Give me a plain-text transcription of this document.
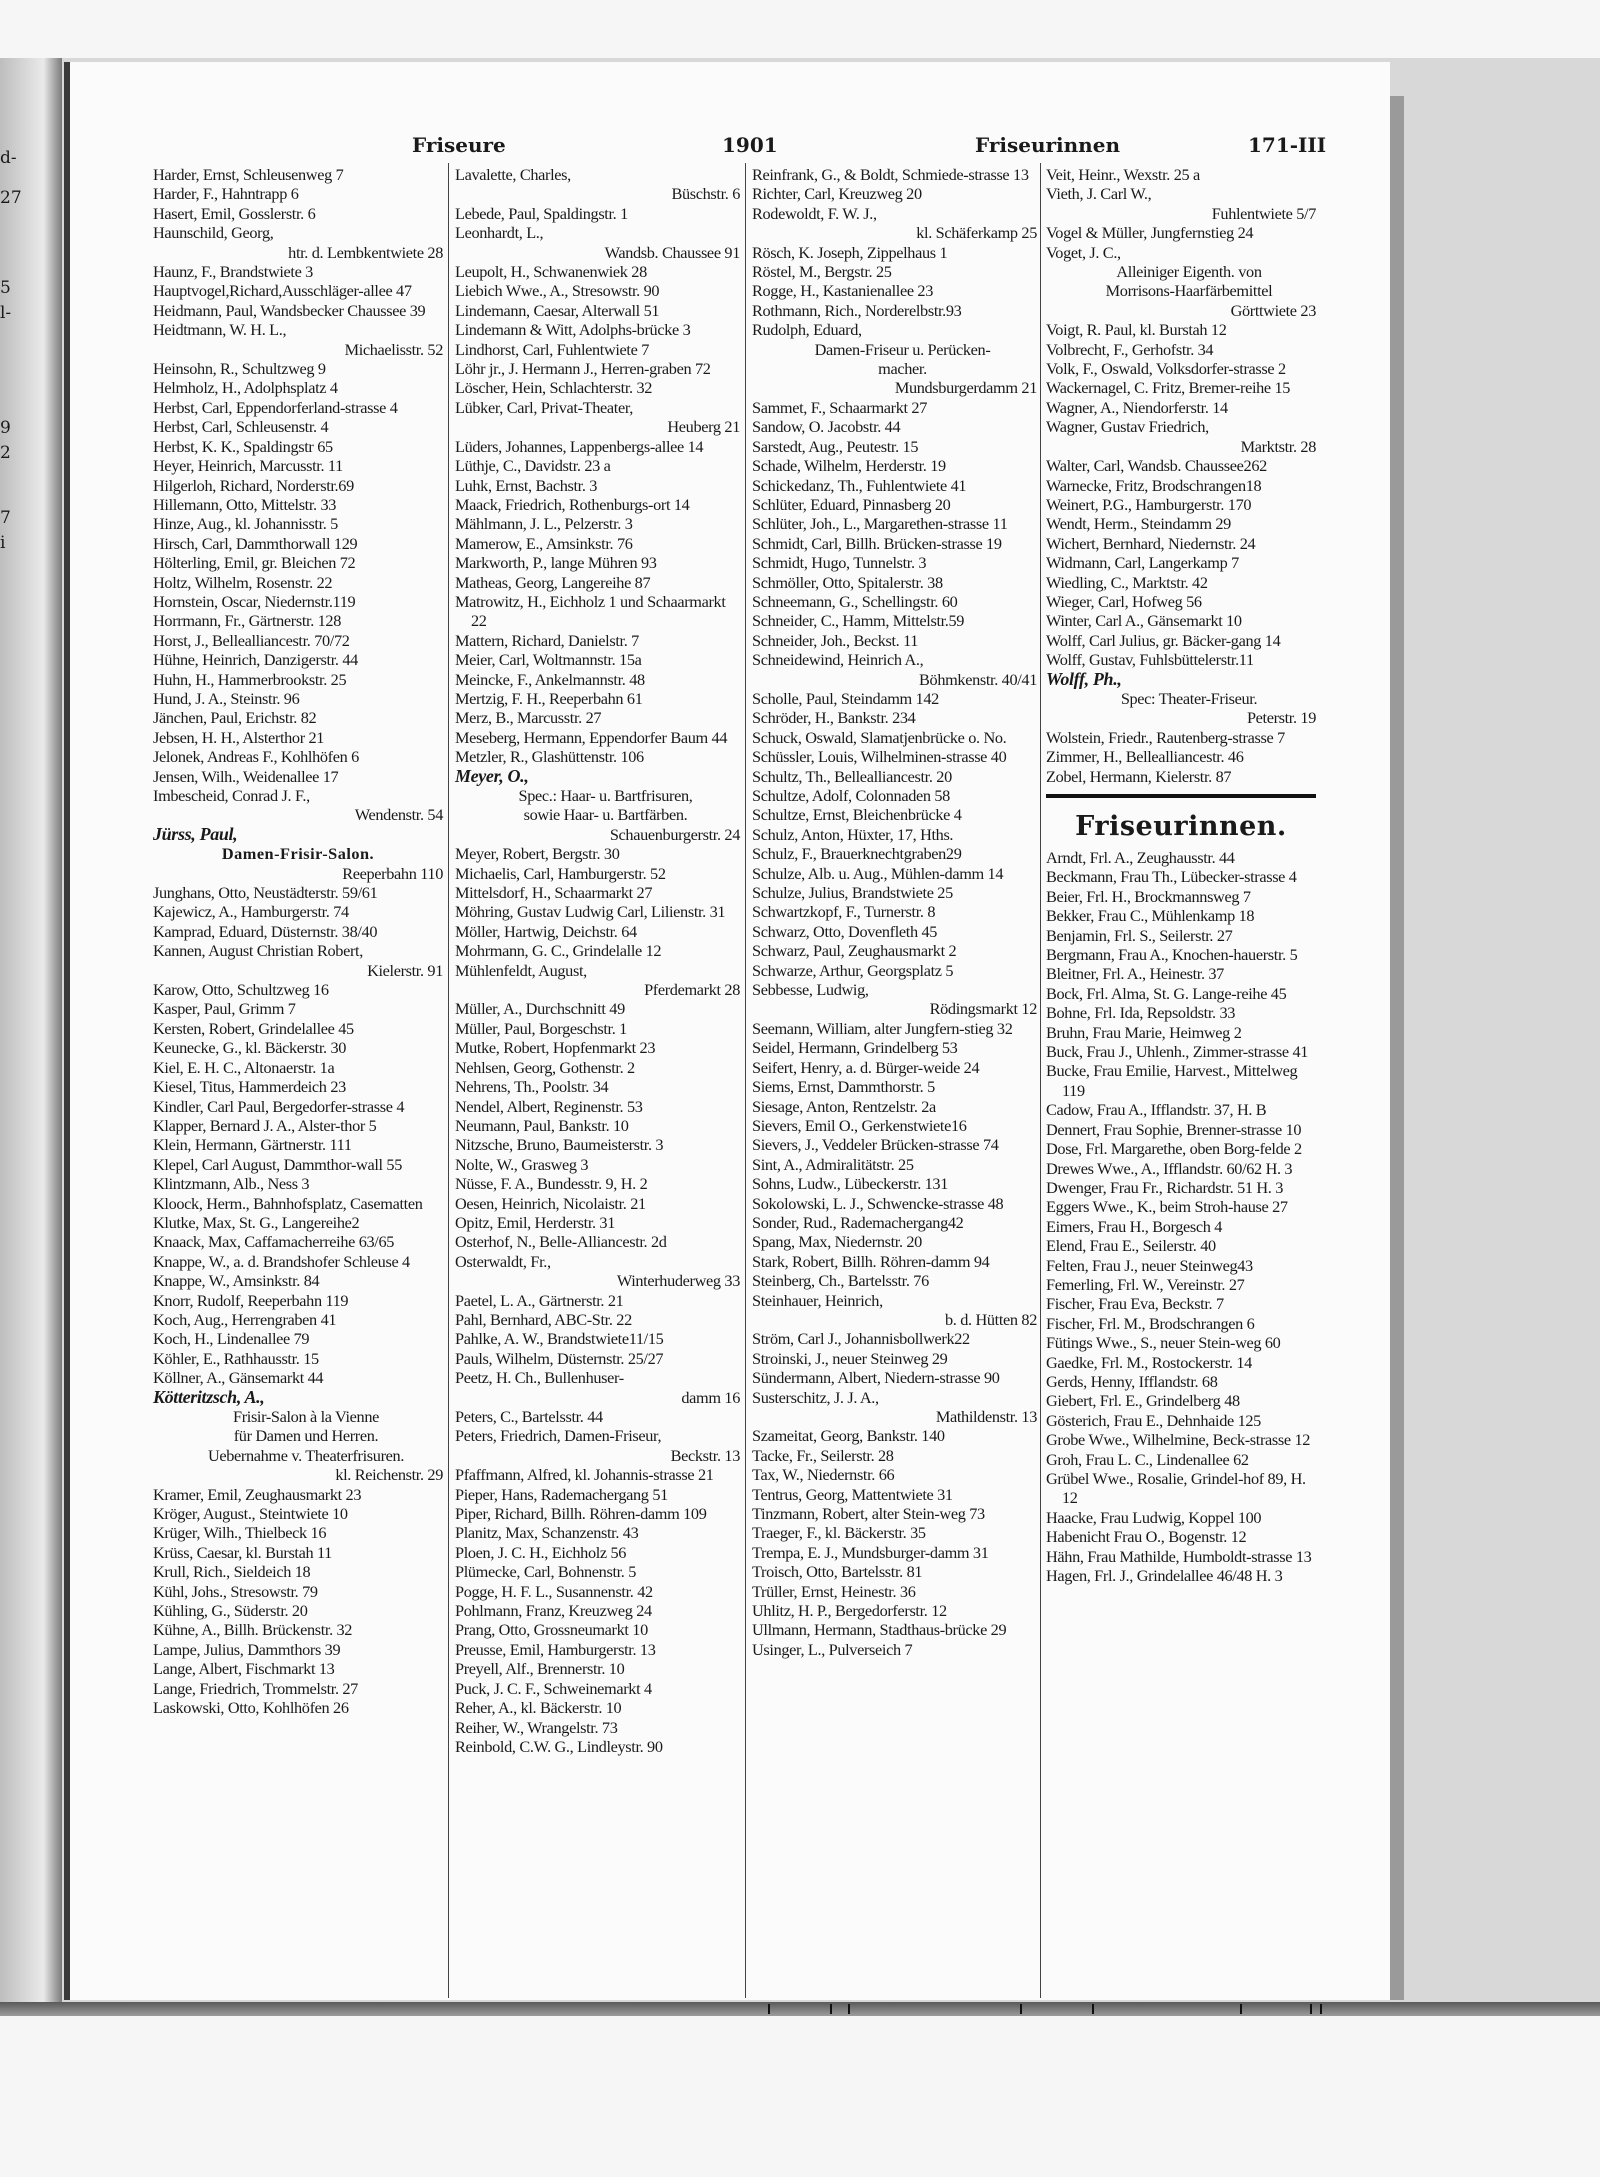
d-
27
5
l-
9
2
7
i
Friseure	1901	Friseurinnen	171-III
Harder, Ernst, Schleusenweg 7
Harder, F., Hahntrapp 6
Hasert, Emil, Gosslerstr. 6
Haunschild, Georg,
htr. d. Lembkentwiete 28
Haunz, F., Brandstwiete 3
Hauptvogel,Richard,Ausschläger-allee 47
Heidmann, Paul, Wandsbecker Chaussee 39
Heidtmann, W. H. L.,
Michaelisstr. 52
Heinsohn, R., Schultzweg 9
Helmholz, H., Adolphsplatz 4
Herbst, Carl, Eppendorferland-strasse 4
Herbst, Carl, Schleusenstr. 4
Herbst, K. K., Spaldingstr 65
Heyer, Heinrich, Marcusstr. 11
Hilgerloh, Richard, Norderstr.69
Hillemann, Otto, Mittelstr. 33
Hinze, Aug., kl. Johannisstr. 5
Hirsch, Carl, Dammthorwall 129
Hölterling, Emil, gr. Bleichen 72
Holtz, Wilhelm, Rosenstr. 22
Hornstein, Oscar, Niedernstr.119
Horrmann, Fr., Gärtnerstr. 128
Horst, J., Bellealliancestr. 70/72
Hühne, Heinrich, Danzigerstr. 44
Huhn, H., Hammerbrookstr. 25
Hund, J. A., Steinstr. 96
Jänchen, Paul, Erichstr. 82
Jebsen, H. H., Alsterthor 21
Jelonek, Andreas F., Kohlhöfen 6
Jensen, Wilh., Weidenallee 17
Imbescheid, Conrad J. F.,
Wendenstr. 54
Jürss, Paul,
Damen-Frisir-Salon.
Reeperbahn 110
Junghans, Otto, Neustädterstr. 59/61
Kajewicz, A., Hamburgerstr. 74
Kamprad, Eduard, Düsternstr. 38/40
Kannen, August Christian Robert,
Kielerstr. 91
Karow, Otto, Schultzweg 16
Kasper, Paul, Grimm 7
Kersten, Robert, Grindelallee 45
Keunecke, G., kl. Bäckerstr. 30
Kiel, E. H. C., Altonaerstr. 1a
Kiesel, Titus, Hammerdeich 23
Kindler, Carl Paul, Bergedorfer-strasse 4
Klapper, Bernard J. A., Alster-thor 5
Klein, Hermann, Gärtnerstr. 111
Klepel, Carl August, Dammthor-wall 55
Klintzmann, Alb., Ness 3
Kloock, Herm., Bahnhofsplatz, Casematten
Klutke, Max, St. G., Langereihe2
Knaack, Max, Caffamacherreihe 63/65
Knappe, W., a. d. Brandshofer Schleuse 4
Knappe, W., Amsinkstr. 84
Knorr, Rudolf, Reeperbahn 119
Koch, Aug., Herrengraben 41
Koch, H., Lindenallee 79
Köhler, E., Rathhausstr. 15
Köllner, A., Gänsemarkt 44
Kötteritzsch, A.,
Frisir-Salon à la Vienne
für Damen und Herren.
Uebernahme v. Theaterfrisuren.
kl. Reichenstr. 29
Kramer, Emil, Zeughausmarkt 23
Kröger, August., Steintwiete 10
Krüger, Wilh., Thielbeck 16
Krüss, Caesar, kl. Burstah 11
Krull, Rich., Sieldeich 18
Kühl, Johs., Stresowstr. 79
Kühling, G., Süderstr. 20
Kühne, A., Billh. Brückenstr. 32
Lampe, Julius, Dammthors 39
Lange, Albert, Fischmarkt 13
Lange, Friedrich, Trommelstr. 27
Laskowski, Otto, Kohlhöfen 26
Lavalette, Charles,
Büschstr. 6
Lebede, Paul, Spaldingstr. 1
Leonhardt, L.,
Wandsb. Chaussee 91
Leupolt, H., Schwanenwiek 28
Liebich Wwe., A., Stresowstr. 90
Lindemann, Caesar, Alterwall 51
Lindemann & Witt, Adolphs-brücke 3
Lindhorst, Carl, Fuhlentwiete 7
Löhr jr., J. Hermann J., Herren-graben 72
Löscher, Hein, Schlachterstr. 32
Lübker, Carl, Privat-Theater,
Heuberg 21
Lüders, Johannes, Lappenbergs-allee 14
Lüthje, C., Davidstr. 23 a
Luhk, Ernst, Bachstr. 3
Maack, Friedrich, Rothenburgs-ort 14
Mählmann, J. L., Pelzerstr. 3
Mamerow, E., Amsinkstr. 76
Markworth, P., lange Mühren 93
Matheas, Georg, Langereihe 87
Matrowitz, H., Eichholz 1 und Schaarmarkt 22
Mattern, Richard, Danielstr. 7
Meier, Carl, Woltmannstr. 15a
Meincke, F., Ankelmannstr. 48
Mertzig, F. H., Reeperbahn 61
Merz, B., Marcusstr. 27
Meseberg, Hermann, Eppendorfer Baum 44
Metzler, R., Glashüttenstr. 106
Meyer, O.,
Spec.: Haar- u. Bartfrisuren,
sowie Haar- u. Bartfärben.
Schauenburgerstr. 24
Meyer, Robert, Bergstr. 30
Michaelis, Carl, Hamburgerstr. 52
Mittelsdorf, H., Schaarmarkt 27
Möhring, Gustav Ludwig Carl, Lilienstr. 31
Möller, Hartwig, Deichstr. 64
Mohrmann, G. C., Grindelalle 12
Mühlenfeldt, August,
Pferdemarkt 28
Müller, A., Durchschnitt 49
Müller, Paul, Borgeschstr. 1
Mutke, Robert, Hopfenmarkt 23
Nehlsen, Georg, Gothenstr. 2
Nehrens, Th., Poolstr. 34
Nendel, Albert, Reginenstr. 53
Neumann, Paul, Bankstr. 10
Nitzsche, Bruno, Baumeisterstr. 3
Nolte, W., Grasweg 3
Nüsse, F. A., Bundesstr. 9, H. 2
Oesen, Heinrich, Nicolaistr. 21
Opitz, Emil, Herderstr. 31
Osterhof, N., Belle-Alliancestr. 2d
Osterwaldt, Fr.,
Winterhuderweg 33
Paetel, L. A., Gärtnerstr. 21
Pahl, Bernhard, ABC-Str. 22
Pahlke, A. W., Brandstwiete11/15
Pauls, Wilhelm, Düsternstr. 25/27
Peetz, H. Ch., Bullenhuser-
damm 16
Peters, C., Bartelsstr. 44
Peters, Friedrich, Damen-Friseur,
Beckstr. 13
Pfaffmann, Alfred, kl. Johannis-strasse 21
Pieper, Hans, Rademachergang 51
Piper, Richard, Billh. Röhren-damm 109
Planitz, Max, Schanzenstr. 43
Ploen, J. C. H., Eichholz 56
Plümecke, Carl, Bohnenstr. 5
Pogge, H. F. L., Susannenstr. 42
Pohlmann, Franz, Kreuzweg 24
Prang, Otto, Grossneumarkt 10
Preusse, Emil, Hamburgerstr. 13
Preyell, Alf., Brennerstr. 10
Puck, J. C. F., Schweinemarkt 4
Reher, A., kl. Bäckerstr. 10
Reiher, W., Wrangelstr. 73
Reinbold, C.W. G., Lindleystr. 90
Reinfrank, G., & Boldt, Schmiede-strasse 13
Richter, Carl, Kreuzweg 20
Rodewoldt, F. W. J.,
kl. Schäferkamp 25
Rösch, K. Joseph, Zippelhaus 1
Röstel, M., Bergstr. 25
Rogge, H., Kastanienallee 23
Rothmann, Rich., Norderelbstr.93
Rudolph, Eduard,
Damen-Friseur u. Perücken-
macher.
Mundsburgerdamm 21
Sammet, F., Schaarmarkt 27
Sandow, O. Jacobstr. 44
Sarstedt, Aug., Peutestr. 15
Schade, Wilhelm, Herderstr. 19
Schickedanz, Th., Fuhlentwiete 41
Schlüter, Eduard, Pinnasberg 20
Schlüter, Joh., L., Margarethen-strasse 11
Schmidt, Carl, Billh. Brücken-strasse 19
Schmidt, Hugo, Tunnelstr. 3
Schmöller, Otto, Spitalerstr. 38
Schneemann, G., Schellingstr. 60
Schneider, C., Hamm, Mittelstr.59
Schneider, Joh., Beckst. 11
Schneidewind, Heinrich A.,
Böhmkenstr. 40/41
Scholle, Paul, Steindamm 142
Schröder, H., Bankstr. 234
Schuck, Oswald, Slamatjenbrücke o. No.
Schüssler, Louis, Wilhelminen-strasse 40
Schultz, Th., Bellealliancestr. 20
Schultze, Adolf, Colonnaden 58
Schultze, Ernst, Bleichenbrücke 4
Schulz, Anton, Hüxter, 17, Hths.
Schulz, F., Brauerknechtgraben29
Schulze, Alb. u. Aug., Mühlen-damm 14
Schulze, Julius, Brandstwiete 25
Schwartzkopf, F., Turnerstr. 8
Schwarz, Otto, Dovenfleth 45
Schwarz, Paul, Zeughausmarkt 2
Schwarze, Arthur, Georgsplatz 5
Sebbesse, Ludwig,
Rödingsmarkt 12
Seemann, William, alter Jungfern-stieg 32
Seidel, Hermann, Grindelberg 53
Seifert, Henry, a. d. Bürger-weide 24
Siems, Ernst, Dammthorstr. 5
Siesage, Anton, Rentzelstr. 2a
Sievers, Emil O., Gerkenstwiete16
Sievers, J., Veddeler Brücken-strasse 74
Sint, A., Admiralitätstr. 25
Sohns, Ludw., Lübeckerstr. 131
Sokolowski, L. J., Schwencke-strasse 48
Sonder, Rud., Rademachergang42
Spang, Max, Niedernstr. 20
Stark, Robert, Billh. Röhren-damm 94
Steinberg, Ch., Bartelsstr. 76
Steinhauer, Heinrich,
b. d. Hütten 82
Ström, Carl J., Johannisbollwerk22
Stroinski, J., neuer Steinweg 29
Sündermann, Albert, Niedern-strasse 90
Susterschitz, J. J. A.,
Mathildenstr. 13
Szameitat, Georg, Bankstr. 140
Tacke, Fr., Seilerstr. 28
Tax, W., Niedernstr. 66
Tentrus, Georg, Mattentwiete 31
Tinzmann, Robert, alter Stein-weg 73
Traeger, F., kl. Bäckerstr. 35
Trempa, E. J., Mundsburger-damm 31
Troisch, Otto, Bartelsstr. 81
Trüller, Ernst, Heinestr. 36
Uhlitz, H. P., Bergedorferstr. 12
Ullmann, Hermann, Stadthaus-brücke 29
Usinger, L., Pulverseich 7
Veit, Heinr., Wexstr. 25 a
Vieth, J. Carl W.,
Fuhlentwiete 5/7
Vogel & Müller, Jungfernstieg 24
Voget, J. C.,
Alleiniger Eigenth. von
Morrisons-Haarfärbemittel
Görttwiete 23
Voigt, R. Paul, kl. Burstah 12
Volbrecht, F., Gerhofstr. 34
Volk, F., Oswald, Volksdorfer-strasse 2
Wackernagel, C. Fritz, Bremer-reihe 15
Wagner, A., Niendorferstr. 14
Wagner, Gustav Friedrich,
Marktstr. 28
Walter, Carl, Wandsb. Chaussee262
Warnecke, Fritz, Brodschrangen18
Weinert, P.G., Hamburgerstr. 170
Wendt, Herm., Steindamm 29
Wichert, Bernhard, Niedernstr. 24
Widmann, Carl, Langerkamp 7
Wiedling, C., Marktstr. 42
Wieger, Carl, Hofweg 56
Winter, Carl A., Gänsemarkt 10
Wolff, Carl Julius, gr. Bäcker-gang 14
Wolff, Gustav, Fuhlsbüttelerstr.11
Wolff, Ph.,
Spec: Theater-Friseur.
Peterstr. 19
Wolstein, Friedr., Rautenberg-strasse 7
Zimmer, H., Bellealliancestr. 46
Zobel, Hermann, Kielerstr. 87
Friseurinnen.
Arndt, Frl. A., Zeughausstr. 44
Beckmann, Frau Th., Lübecker-strasse 4
Beier, Frl. H., Brockmannsweg 7
Bekker, Frau C., Mühlenkamp 18
Benjamin, Frl. S., Seilerstr. 27
Bergmann, Frau A., Knochen-hauerstr. 5
Bleitner, Frl. A., Heinestr. 37
Bock, Frl. Alma, St. G. Lange-reihe 45
Bohne, Frl. Ida, Repsoldstr. 33
Bruhn, Frau Marie, Heimweg 2
Buck, Frau J., Uhlenh., Zimmer-strasse 41
Bucke, Frau Emilie, Harvest., Mittelweg 119
Cadow, Frau A., Ifflandstr. 37, H. B
Dennert, Frau Sophie, Brenner-strasse 10
Dose, Frl. Margarethe, oben Borg-felde 2
Drewes Wwe., A., Ifflandstr. 60/62 H. 3
Dwenger, Frau Fr., Richardstr. 51 H. 3
Eggers Wwe., K., beim Stroh-hause 27
Eimers, Frau H., Borgesch 4
Elend, Frau E., Seilerstr. 40
Felten, Frau J., neuer Steinweg43
Femerling, Frl. W., Vereinstr. 27
Fischer, Frau Eva, Beckstr. 7
Fischer, Frl. M., Brodschrangen 6
Fütings Wwe., S., neuer Stein-weg 60
Gaedke, Frl. M., Rostockerstr. 14
Gerds, Henny, Ifflandstr. 68
Giebert, Frl. E., Grindelberg 48
Gösterich, Frau E., Dehnhaide 125
Grobe Wwe., Wilhelmine, Beck-strasse 12
Groh, Frau L. C., Lindenallee 62
Grübel Wwe., Rosalie, Grindel-hof 89, H. 12
Haacke, Frau Ludwig, Koppel 100
Habenicht Frau O., Bogenstr. 12
Hähn, Frau Mathilde, Humboldt-strasse 13
Hagen, Frl. J., Grindelallee 46/48 H. 3
